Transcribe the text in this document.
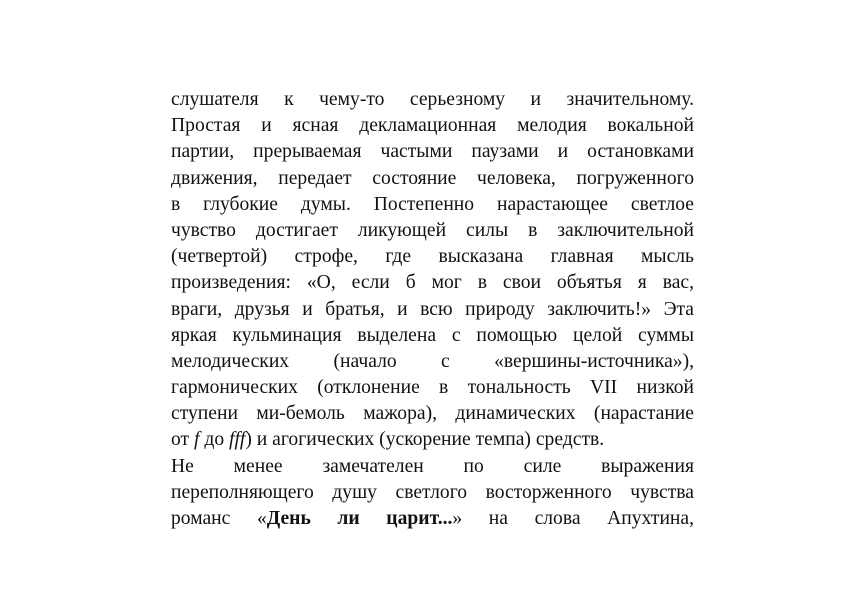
слушателя к чему-то серьезному и значительному.
Простая и ясная декламационная мелодия вокальной
партии, прерываемая частыми паузами и остановками
движения, передает состояние человека, погруженного
в глубокие думы. Постепенно нарастающее светлое
чувство достигает ликующей силы в заключительной
(четвертой) строфе, где высказана главная мысль
произведения: «О, если б мог в свои объятья я вас,
враги, друзья и братья, и всю природу заключить!» Эта
яркая кульминация выделена с помощью целой суммы
мелодических (начало с «вершины-источника»),
гармонических (отклонение в тональность VII низкой
ступени ми-бемоль мажора), динамических (нарастание
от f до fff) и агогических (ускорение темпа) средств.
Не менее замечателен по силе выражения
переполняющего душу светлого восторженного чувства
романс «День ли царит...» на слова Апухтина,
